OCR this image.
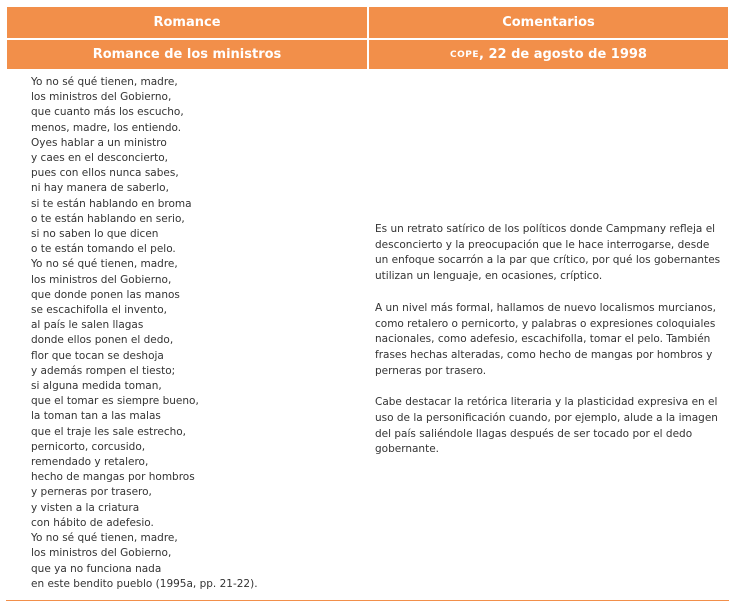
Romance	Comentarios
Romance de los ministros	COPE , 22 de agosto de 1998
Yo no sé qué tienen, madre,
los ministros del Gobierno,
que cuanto más los escucho,
menos, madre, los entiendo.
Oyes hablar a un ministro
y caes en el desconcierto,
pues con ellos nunca sabes,
ni hay manera de saberlo,
si te están hablando en broma
o te están hablando en serio,
si no saben lo que dicen
o te están tomando el pelo.
Yo no sé qué tienen, madre,
los ministros del Gobierno,
que donde ponen las manos
se escachifolla el invento,
al país le salen llagas
donde ellos ponen el dedo,
flor que tocan se deshoja
y además rompen el tiesto;
si alguna medida toman,
que el tomar es siempre bueno,
la toman tan a las malas
que el traje les sale estrecho,
pernicorto, corcusido,
remendado y retalero,
hecho de mangas por hombros
y perneras por trasero,
y visten a la criatura
con hábito de adefesio.
Yo no sé qué tienen, madre,
los ministros del Gobierno,
que ya no funciona nada
en este bendito pueblo (1995a, pp. 21-22).

Es un retrato satírico de los políticos donde Campmany refleja el desconcierto y la preocupación que le hace interrogarse, desde un enfoque socarrón a la par que crítico, por qué los gobernantes utilizan un lenguaje, en ocasiones, críptico.

A un nivel más formal, hallamos de nuevo localismos murcianos, como retalero o pernicorto, y palabras o expresiones coloquiales nacionales, como adefesio, escachifolla, tomar el pelo. También frases hechas alteradas, como hecho de mangas por hombros y perneras por trasero.

Cabe destacar la retórica literaria y la plasticidad expresiva en el uso de la personificación cuando, por ejemplo, alude a la imagen del país saliéndole llagas después de ser tocado por el dedo gobernante.
